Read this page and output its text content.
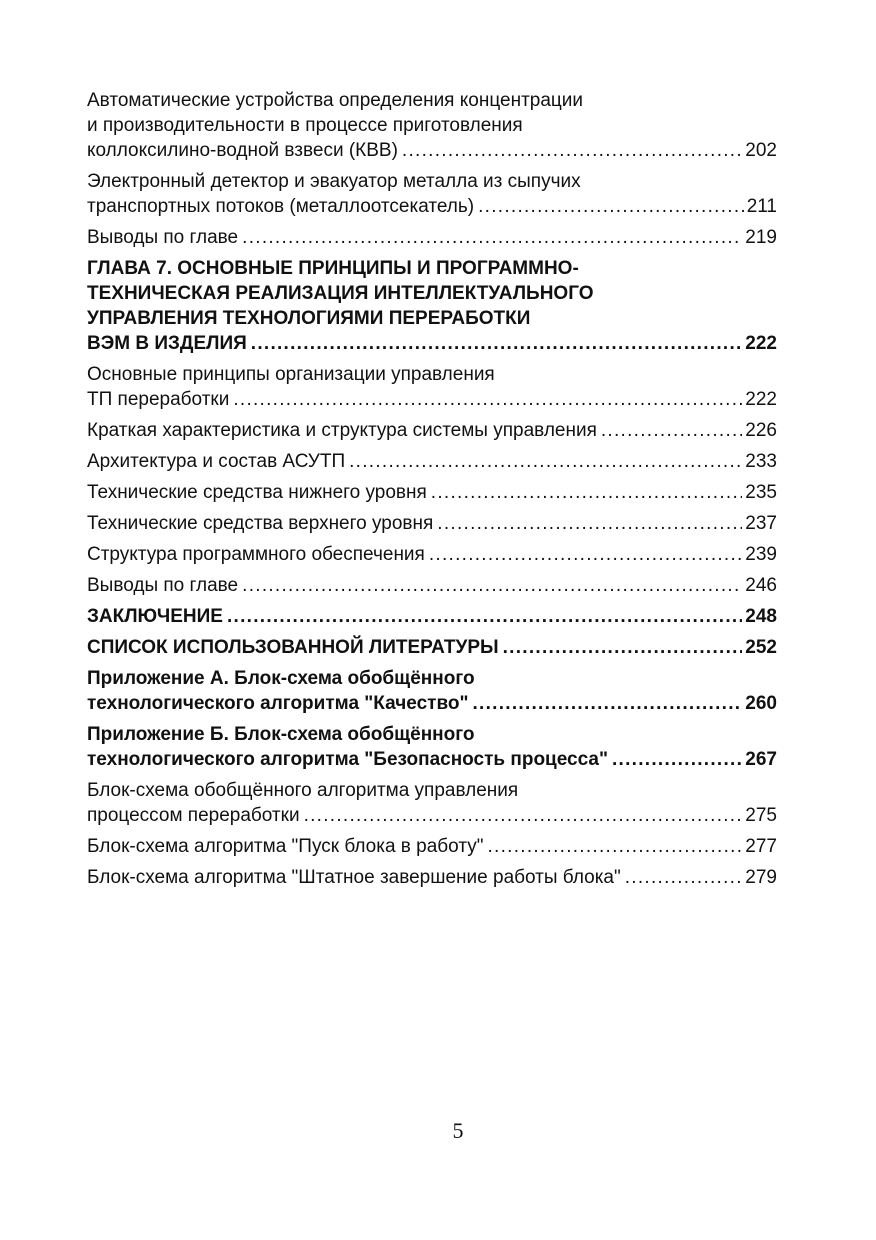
Автоматические устройства определения концентрации
и производительности в процессе приготовления
коллоксилино-водной взвеси (КВВ) . . .	202
Электронный детектор и эвакуатор металла из сыпучих
транспортных потоков (металлоотсекатель) . . .	211
Выводы по главе . . .	219
ГЛАВА 7. ОСНОВНЫЕ ПРИНЦИПЫ И ПРОГРАММНО-
ТЕХНИЧЕСКАЯ РЕАЛИЗАЦИЯ ИНТЕЛЛЕКТУАЛЬНОГО
УПРАВЛЕНИЯ ТЕХНОЛОГИЯМИ ПЕРЕРАБОТКИ
ВЭМ В ИЗДЕЛИЯ . . .	222
Основные принципы организации управления
ТП переработки . . .	222
Краткая характеристика и структура системы управления . . .	226
Архитектура и состав АСУТП . . .	233
Технические средства нижнего уровня . . .	235
Технические средства верхнего уровня . . .	237
Структура программного обеспечения . . .	239
Выводы по главе . . .	246
ЗАКЛЮЧЕНИЕ . . .	248
СПИСОК ИСПОЛЬЗОВАННОЙ ЛИТЕРАТУРЫ . . .	252
Приложение А. Блок-схема обобщённого
технологического алгоритма "Качество" . . .	260
Приложение Б. Блок-схема обобщённого
технологического алгоритма "Безопасность процесса" . . .	267
Блок-схема обобщённого алгоритма управления
процессом переработки . . .	275
Блок-схема алгоритма "Пуск блока в работу" . . .	277
Блок-схема алгоритма "Штатное завершение работы блока" . . .	279
5
